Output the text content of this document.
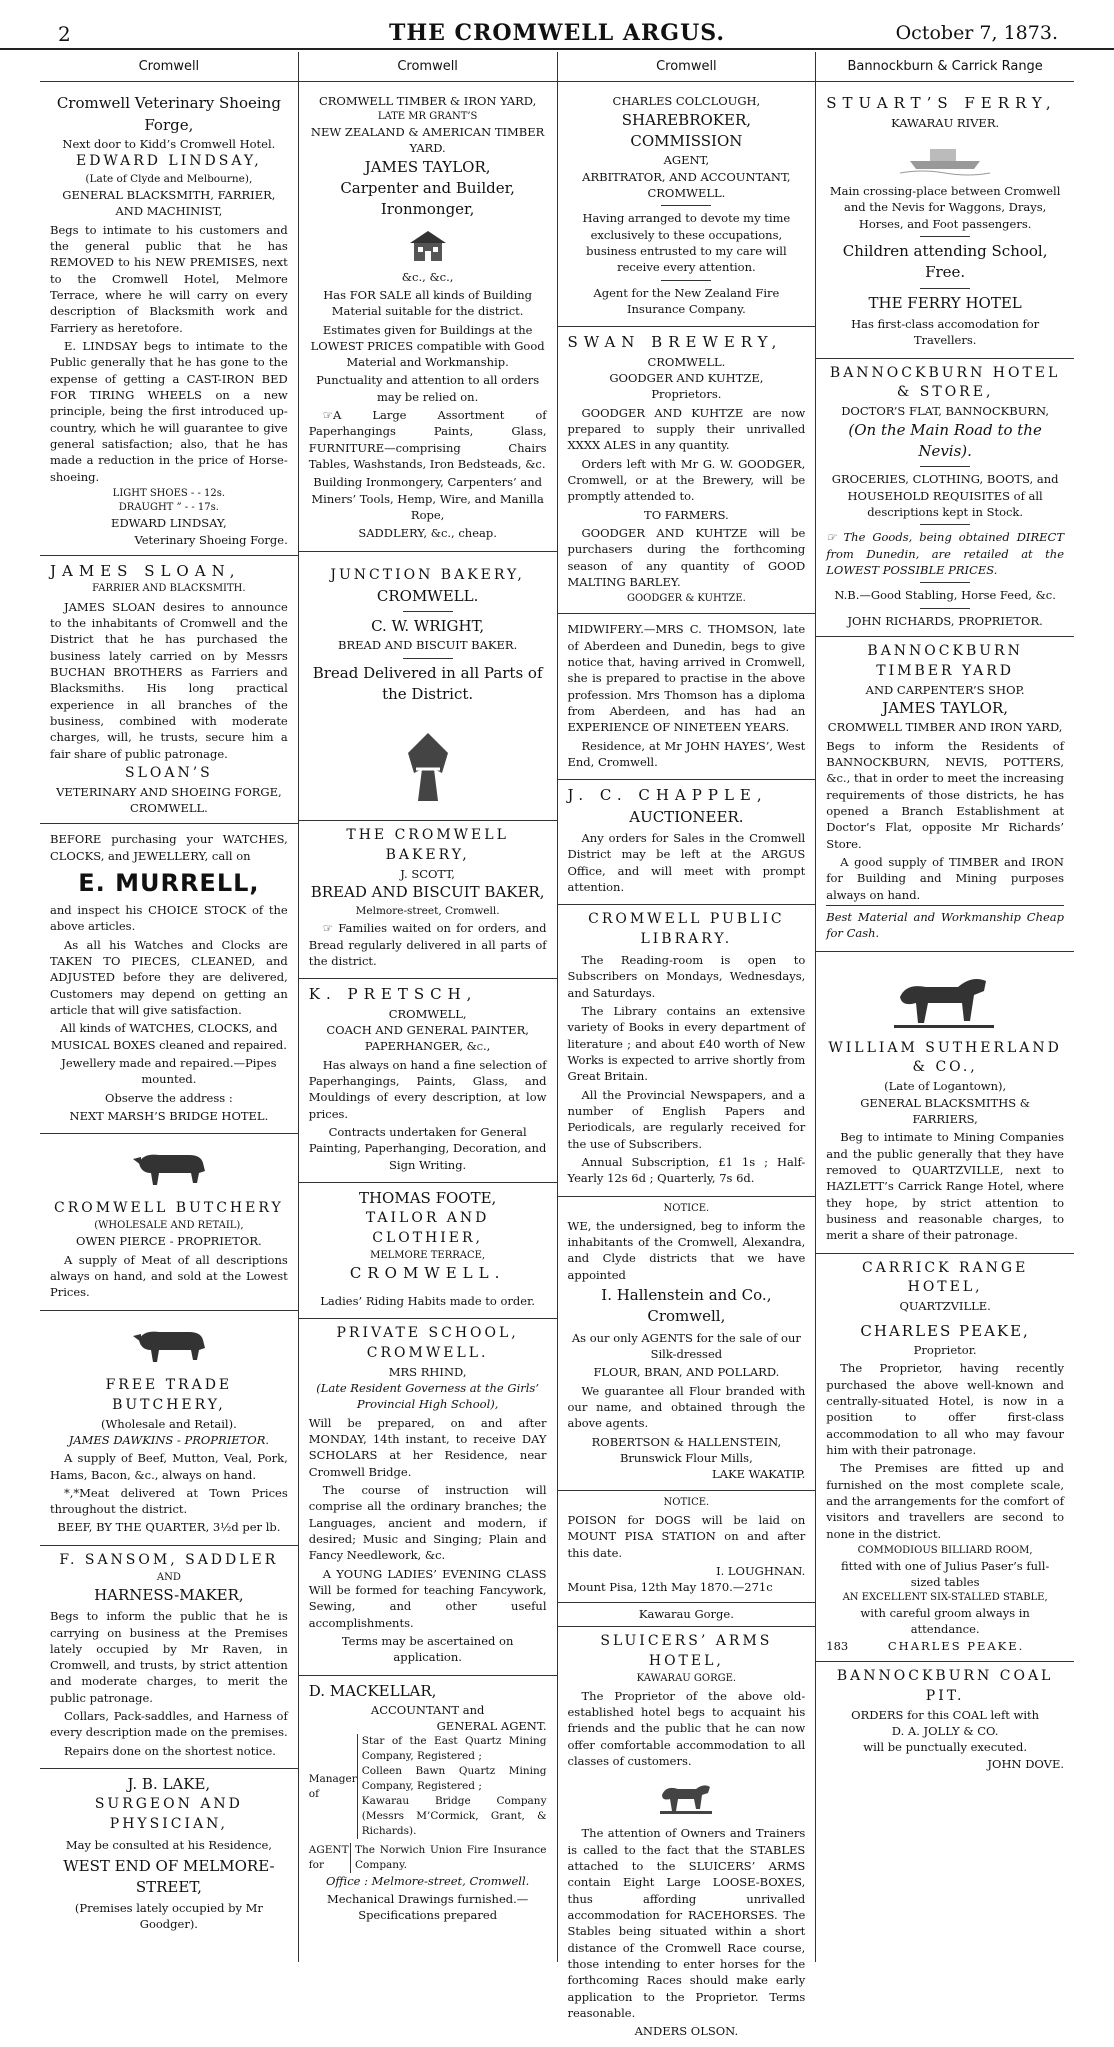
2	THE CROMWELL ARGUS.	October 7, 1873.
Cromwell
Cromwell Veterinary Shoeing Forge,
Next door to Kidd’s Cromwell Hotel.
EDWARD LINDSAY,
(Late of Clyde and Melbourne),
GENERAL BLACKSMITH, FARRIER, AND MACHINIST,

Begs to intimate to his customers and the general public that he has REMOVED to his NEW PREMISES, next to the Cromwell Hotel, Melmore Terrace, where he will carry on every description of Blacksmith work and Farriery as heretofore.

E. LINDSAY begs to intimate to the Public generally that he has gone to the expense of getting a CAST-IRON BED FOR TIRING WHEELS on a new principle, being the first introduced up-country, which he will guarantee to give general satisfaction; also, that he has made a reduction in the price of Horse-shoeing.

LIGHT SHOES - - 12s.
DRAUGHT ” - - 17s.
EDWARD LINDSAY,
Veterinary Shoeing Forge.
JAMES SLOAN,
FARRIER AND BLACKSMITH.

JAMES SLOAN desires to announce to the inhabitants of Cromwell and the District that he has purchased the business lately carried on by Messrs BUCHAN BROTHERS as Farriers and Blacksmiths. His long practical experience in all branches of the business, combined with moderate charges, will, he trusts, secure him a fair share of public patronage.

SLOAN’S
VETERINARY AND SHOEING FORGE,
CROMWELL.

BEFORE purchasing your WATCHES, CLOCKS, and JEWELLERY, call on

E. MURRELL,

and inspect his CHOICE STOCK of the above articles.

As all his Watches and Clocks are TAKEN TO PIECES, CLEANED, and ADJUSTED before they are delivered, Customers may depend on getting an article that will give satisfaction.

All kinds of WATCHES, CLOCKS, and MUSICAL BOXES cleaned and repaired.

Jewellery made and repaired.—Pipes mounted.

Observe the address :

NEXT MARSH’S BRIDGE HOTEL.

CROMWELL BUTCHERY
(WHOLESALE AND RETAIL),
OWEN PIERCE - PROPRIETOR.

A supply of Meat of all descriptions always on hand, and sold at the Lowest Prices.

FREE TRADE BUTCHERY,
(Wholesale and Retail).
JAMES DAWKINS - PROPRIETOR.

A supply of Beef, Mutton, Veal, Pork, Hams, Bacon, &c., always on hand.

*,*Meat delivered at Town Prices throughout the district.

BEEF, BY THE QUARTER, 3½d per lb.

F. SANSOM, SADDLER
AND
HARNESS-MAKER,

Begs to inform the public that he is carrying on business at the Premises lately occupied by Mr Raven, in Cromwell, and trusts, by strict attention and moderate charges, to merit the public patronage.

Collars, Pack-saddles, and Harness of every description made on the premises.

Repairs done on the shortest notice.

J. B. LAKE,
SURGEON AND PHYSICIAN,

May be consulted at his Residence,

WEST END OF MELMORE-STREET,

(Premises lately occupied by Mr Goodger).

Cromwell
CROMWELL TIMBER & IRON YARD,
LATE MR GRANT’S
NEW ZEALAND & AMERICAN TIMBER YARD.
JAMES TAYLOR,
Carpenter and Builder, Ironmonger,
&c., &c.,

Has FOR SALE all kinds of Building Material suitable for the district.

Estimates given for Buildings at the LOWEST PRICES compatible with Good Material and Workmanship.

Punctuality and attention to all orders may be relied on.

☞A Large Assortment of Paperhangings Paints, Glass, FURNITURE—comprising Chairs Tables, Washstands, Iron Bedsteads, &c.

Building Ironmongery, Carpenters’ and Miners’ Tools, Hemp, Wire, and Manilla Rope,

SADDLERY, &c., cheap.

JUNCTION BAKERY,
CROMWELL.
C. W. WRIGHT,
BREAD AND BISCUIT BAKER.

Bread Delivered in all Parts of the District.

THE CROMWELL BAKERY,
J. SCOTT,
BREAD AND BISCUIT BAKER,
Melmore-street, Cromwell.

☞ Families waited on for orders, and Bread regularly delivered in all parts of the district.

K. PRETSCH,
CROMWELL,
COACH AND GENERAL PAINTER, PAPERHANGER, &c.,

Has always on hand a fine selection of Paperhangings, Paints, Glass, and Mouldings of every description, at low prices.

Contracts undertaken for General Painting, Paperhanging, Decoration, and Sign Writing.

THOMAS FOOTE,
TAILOR AND CLOTHIER,
MELMORE TERRACE,
CROMWELL.

Ladies’ Riding Habits made to order.

PRIVATE SCHOOL, CROMWELL.
MRS RHIND,
(Late Resident Governess at the Girls’ Provincial High School),

Will be prepared, on and after MONDAY, 14th instant, to receive DAY SCHOLARS at her Residence, near Cromwell Bridge.

The course of instruction will comprise all the ordinary branches; the Languages, ancient and modern, if desired; Music and Singing; Plain and Fancy Needlework, &c.

A YOUNG LADIES’ EVENING CLASS Will be formed for teaching Fancywork, Sewing, and other useful accomplishments.

Terms may be ascertained on application.

D. MACKELLAR,
ACCOUNTANT and
GENERAL AGENT.
Manager of
Star of the East Quartz Mining Company, Registered ;
Colleen Bawn Quartz Mining Company, Registered ;
Kawarau Bridge Company (Messrs M’Cormick, Grant, & Richards).
AGENT for
The Norwich Union Fire Insurance Company.
Office : Melmore-street, Cromwell.

Mechanical Drawings furnished.—Specifications prepared

Cromwell
CHARLES COLCLOUGH,
SHAREBROKER, COMMISSION
AGENT,
ARBITRATOR, AND ACCOUNTANT,
CROMWELL.

Having arranged to devote my time exclusively to these occupations, business entrusted to my care will receive every attention.

Agent for the New Zealand Fire Insurance Company.

SWAN BREWERY,
CROMWELL.
GOODGER AND KUHTZE,
Proprietors.

GOODGER AND KUHTZE are now prepared to supply their unrivalled XXXX ALES in any quantity.

Orders left with Mr G. W. GOODGER, Cromwell, or at the Brewery, will be promptly attended to.

TO FARMERS.

GOODGER AND KUHTZE will be purchasers during the forthcoming season of any quantity of GOOD MALTING BARLEY.

GOODGER & KUHTZE.

MIDWIFERY.—MRS C. THOMSON, late of Aberdeen and Dunedin, begs to give notice that, having arrived in Cromwell, she is prepared to practise in the above profession. Mrs Thomson has a diploma from Aberdeen, and has had an EXPERIENCE OF NINETEEN YEARS.

Residence, at Mr JOHN HAYES’, West End, Cromwell.

J. C. CHAPPLE,
AUCTIONEER.

Any orders for Sales in the Cromwell District may be left at the ARGUS Office, and will meet with prompt attention.

CROMWELL PUBLIC LIBRARY.

The Reading-room is open to Subscribers on Mondays, Wednesdays, and Saturdays.

The Library contains an extensive variety of Books in every department of literature ; and about £40 worth of New Works is expected to arrive shortly from Great Britain.

All the Provincial Newspapers, and a number of English Papers and Periodicals, are regularly received for the use of Subscribers.

Annual Subscription, £1 1s ; Half-Yearly 12s 6d ; Quarterly, 7s 6d.

NOTICE.

WE, the undersigned, beg to inform the inhabitants of the Cromwell, Alexandra, and Clyde districts that we have appointed

I. Hallenstein and Co., Cromwell,

As our only AGENTS for the sale of our Silk-dressed

FLOUR, BRAN, AND POLLARD.

We guarantee all Flour branded with our name, and obtained through the above agents.

ROBERTSON & HALLENSTEIN,
Brunswick Flour Mills,
LAKE WAKATIP.
NOTICE.

POISON for DOGS will be laid on MOUNT PISA STATION on and after this date.

I. LOUGHNAN.
Mount Pisa, 12th May 1870.—271c
Kawarau Gorge.
SLUICERS’ ARMS HOTEL,
KAWARAU GORGE.

The Proprietor of the above old-established hotel begs to acquaint his friends and the public that he can now offer comfortable accommodation to all classes of customers.

The attention of Owners and Trainers is called to the fact that the STABLES attached to the SLUICERS’ ARMS contain Eight Large LOOSE-BOXES, thus affording unrivalled accommodation for RACEHORSES. The Stables being situated within a short distance of the Cromwell Race course, those intending to enter horses for the forthcoming Races should make early application to the Proprietor. Terms reasonable.

ANDERS OLSON.
Bannockburn & Carrick Range
STUART’S FERRY,
KAWARAU RIVER.

Main crossing-place between Cromwell and the Nevis for Waggons, Drays, Horses, and Foot passengers.

Children attending School, Free.

THE FERRY HOTEL

Has first-class accomodation for Travellers.

BANNOCKBURN HOTEL & STORE,
DOCTOR’S FLAT, BANNOCKBURN,
(On the Main Road to the Nevis).

GROCERIES, CLOTHING, BOOTS, and HOUSEHOLD REQUISITES of all descriptions kept in Stock.

☞ The Goods, being obtained DIRECT from Dunedin, are retailed at the LOWEST POSSIBLE PRICES.

N.B.—Good Stabling, Horse Feed, &c.

JOHN RICHARDS, PROPRIETOR.
BANNOCKBURN TIMBER YARD
AND CARPENTER’S SHOP.
JAMES TAYLOR,
CROMWELL TIMBER AND IRON YARD,

Begs to inform the Residents of BANNOCKBURN, NEVIS, POTTERS, &c., that in order to meet the increasing requirements of those districts, he has opened a Branch Establishment at Doctor’s Flat, opposite Mr Richards’ Store.

A good supply of TIMBER and IRON for Building and Mining purposes always on hand.

Best Material and Workmanship Cheap for Cash.

WILLIAM SUTHERLAND & CO.,
(Late of Logantown),
GENERAL BLACKSMITHS & FARRIERS,

Beg to intimate to Mining Companies and the public generally that they have removed to QUARTZVILLE, next to HAZLETT’s Carrick Range Hotel, where they hope, by strict attention to business and reasonable charges, to merit a share of their patronage.

CARRICK RANGE HOTEL,
QUARTZVILLE.
CHARLES PEAKE,
Proprietor.

The Proprietor, having recently purchased the above well-known and centrally-situated Hotel, is now in a position to offer first-class accommodation to all who may favour him with their patronage.

The Premises are fitted up and furnished on the most complete scale, and the arrangements for the comfort of visitors and travellers are second to none in the district.

COMMODIOUS BILLIARD ROOM,
fitted with one of Julius Paser’s full-sized tables
AN EXCELLENT SIX-STALLED STABLE,
with careful groom always in attendance.
183	CHARLES PEAKE.
BANNOCKBURN COAL PIT.
ORDERS for this COAL left with
D. A. JOLLY & CO.
will be punctually executed.
JOHN DOVE.
